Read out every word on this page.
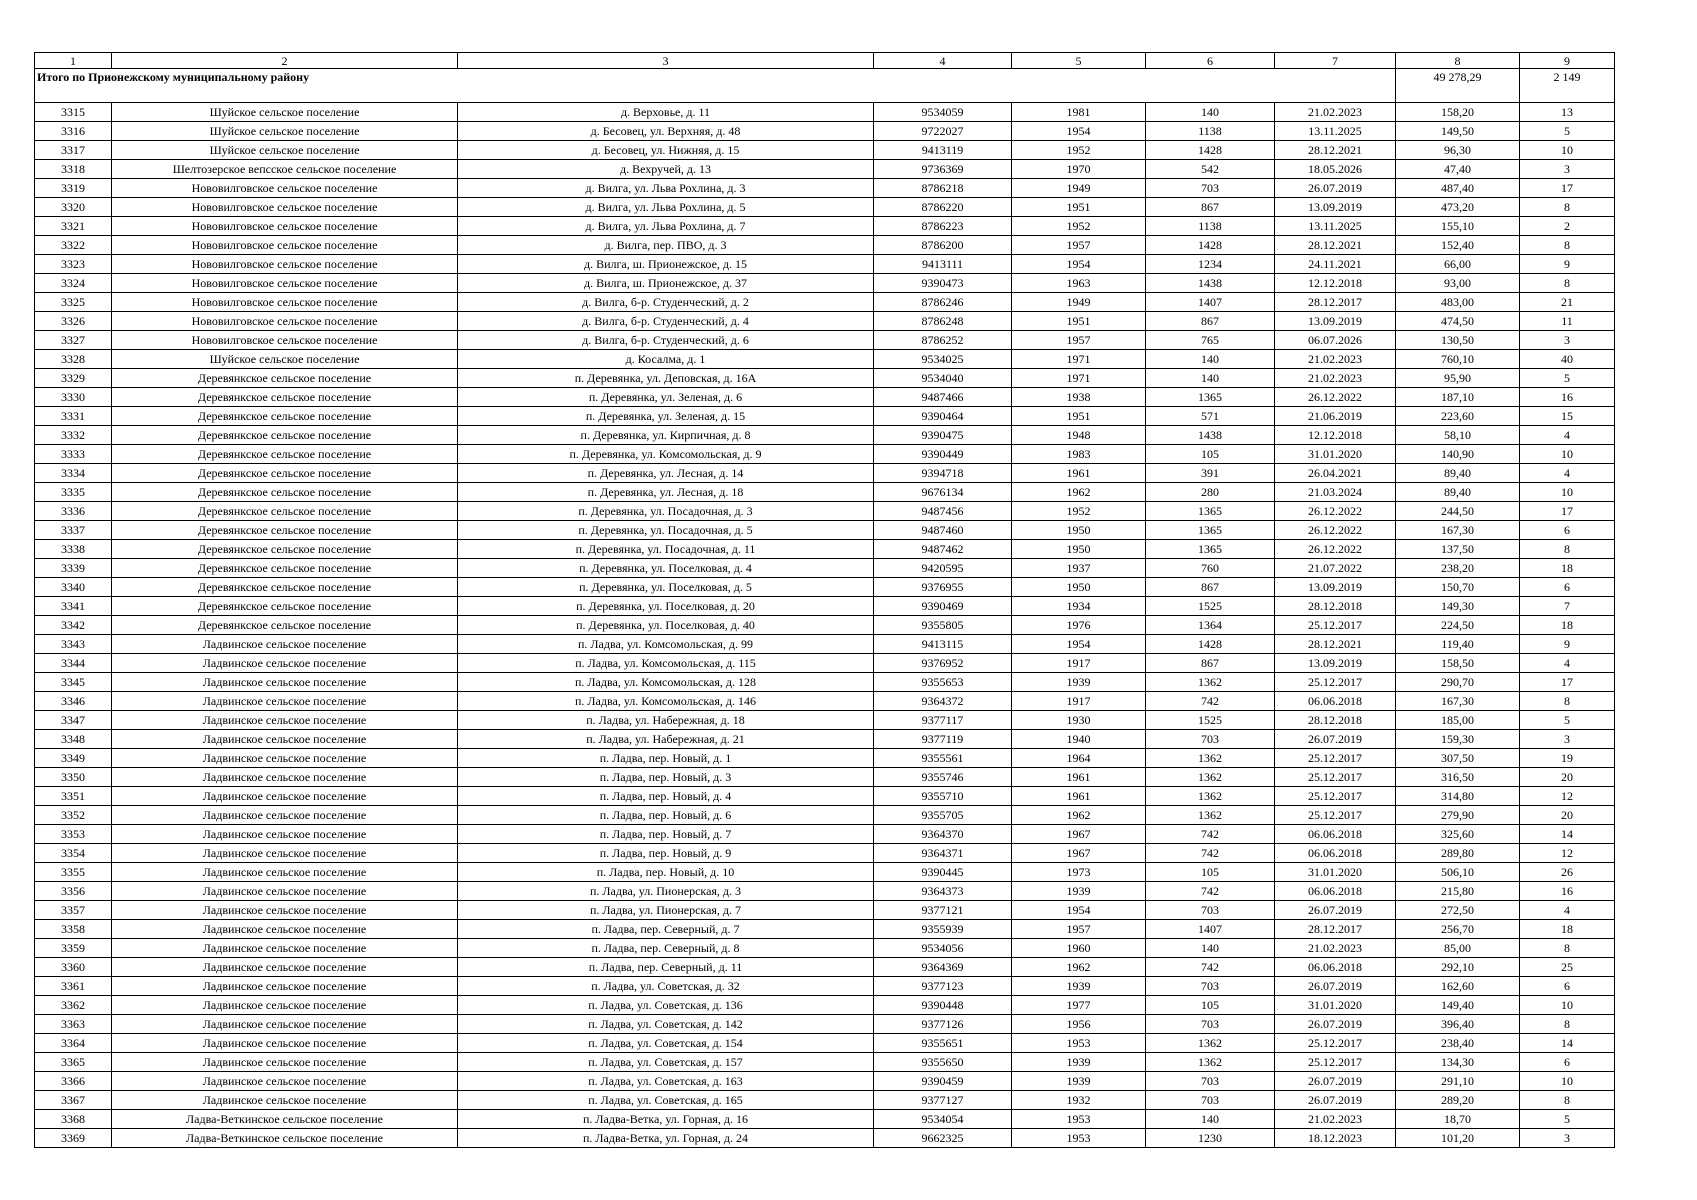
1	2	3	4	5	6	7	8	9
Итого по Прионежскому муниципальному району							49 278,29	2 149
3315	Шуйское сельское поселение	д. Верховье, д. 11	9534059	1981	140	21.02.2023	158,20	13
3316	Шуйское сельское поселение	д. Бесовец, ул. Верхняя, д. 48	9722027	1954	1138	13.11.2025	149,50	5
3317	Шуйское сельское поселение	д. Бесовец, ул. Нижняя, д. 15	9413119	1952	1428	28.12.2021	96,30	10
3318	Шелтозерское вепсское сельское поселение	д. Вехручей, д. 13	9736369	1970	542	18.05.2026	47,40	3
3319	Нововилговское сельское поселение	д. Вилга, ул. Льва Рохлина, д. 3	8786218	1949	703	26.07.2019	487,40	17
3320	Нововилговское сельское поселение	д. Вилга, ул. Льва Рохлина, д. 5	8786220	1951	867	13.09.2019	473,20	8
3321	Нововилговское сельское поселение	д. Вилга, ул. Льва Рохлина, д. 7	8786223	1952	1138	13.11.2025	155,10	2
3322	Нововилговское сельское поселение	д. Вилга, пер. ПВО, д. 3	8786200	1957	1428	28.12.2021	152,40	8
3323	Нововилговское сельское поселение	д. Вилга, ш. Прионежское, д. 15	9413111	1954	1234	24.11.2021	66,00	9
3324	Нововилговское сельское поселение	д. Вилга, ш. Прионежское, д. 37	9390473	1963	1438	12.12.2018	93,00	8
3325	Нововилговское сельское поселение	д. Вилга, б-р. Студенческий, д. 2	8786246	1949	1407	28.12.2017	483,00	21
3326	Нововилговское сельское поселение	д. Вилга, б-р. Студенческий, д. 4	8786248	1951	867	13.09.2019	474,50	11
3327	Нововилговское сельское поселение	д. Вилга, б-р. Студенческий, д. 6	8786252	1957	765	06.07.2026	130,50	3
3328	Шуйское сельское поселение	д. Косалма, д. 1	9534025	1971	140	21.02.2023	760,10	40
3329	Деревянкское сельское поселение	п. Деревянка, ул. Деповская, д. 16А	9534040	1971	140	21.02.2023	95,90	5
3330	Деревянкское сельское поселение	п. Деревянка, ул. Зеленая, д. 6	9487466	1938	1365	26.12.2022	187,10	16
3331	Деревянкское сельское поселение	п. Деревянка, ул. Зеленая, д. 15	9390464	1951	571	21.06.2019	223,60	15
3332	Деревянкское сельское поселение	п. Деревянка, ул. Кирпичная, д. 8	9390475	1948	1438	12.12.2018	58,10	4
3333	Деревянкское сельское поселение	п. Деревянка, ул. Комсомольская, д. 9	9390449	1983	105	31.01.2020	140,90	10
3334	Деревянкское сельское поселение	п. Деревянка, ул. Лесная, д. 14	9394718	1961	391	26.04.2021	89,40	4
3335	Деревянкское сельское поселение	п. Деревянка, ул. Лесная, д. 18	9676134	1962	280	21.03.2024	89,40	10
3336	Деревянкское сельское поселение	п. Деревянка, ул. Посадочная, д. 3	9487456	1952	1365	26.12.2022	244,50	17
3337	Деревянкское сельское поселение	п. Деревянка, ул. Посадочная, д. 5	9487460	1950	1365	26.12.2022	167,30	6
3338	Деревянкское сельское поселение	п. Деревянка, ул. Посадочная, д. 11	9487462	1950	1365	26.12.2022	137,50	8
3339	Деревянкское сельское поселение	п. Деревянка, ул. Поселковая, д. 4	9420595	1937	760	21.07.2022	238,20	18
3340	Деревянкское сельское поселение	п. Деревянка, ул. Поселковая, д. 5	9376955	1950	867	13.09.2019	150,70	6
3341	Деревянкское сельское поселение	п. Деревянка, ул. Поселковая, д. 20	9390469	1934	1525	28.12.2018	149,30	7
3342	Деревянкское сельское поселение	п. Деревянка, ул. Поселковая, д. 40	9355805	1976	1364	25.12.2017	224,50	18
3343	Ладвинское сельское поселение	п. Ладва, ул. Комсомольская, д. 99	9413115	1954	1428	28.12.2021	119,40	9
3344	Ладвинское сельское поселение	п. Ладва, ул. Комсомольская, д. 115	9376952	1917	867	13.09.2019	158,50	4
3345	Ладвинское сельское поселение	п. Ладва, ул. Комсомольская, д. 128	9355653	1939	1362	25.12.2017	290,70	17
3346	Ладвинское сельское поселение	п. Ладва, ул. Комсомольская, д. 146	9364372	1917	742	06.06.2018	167,30	8
3347	Ладвинское сельское поселение	п. Ладва, ул. Набережная, д. 18	9377117	1930	1525	28.12.2018	185,00	5
3348	Ладвинское сельское поселение	п. Ладва, ул. Набережная, д. 21	9377119	1940	703	26.07.2019	159,30	3
3349	Ладвинское сельское поселение	п. Ладва, пер. Новый, д. 1	9355561	1964	1362	25.12.2017	307,50	19
3350	Ладвинское сельское поселение	п. Ладва, пер. Новый, д. 3	9355746	1961	1362	25.12.2017	316,50	20
3351	Ладвинское сельское поселение	п. Ладва, пер. Новый, д. 4	9355710	1961	1362	25.12.2017	314,80	12
3352	Ладвинское сельское поселение	п. Ладва, пер. Новый, д. 6	9355705	1962	1362	25.12.2017	279,90	20
3353	Ладвинское сельское поселение	п. Ладва, пер. Новый, д. 7	9364370	1967	742	06.06.2018	325,60	14
3354	Ладвинское сельское поселение	п. Ладва, пер. Новый, д. 9	9364371	1967	742	06.06.2018	289,80	12
3355	Ладвинское сельское поселение	п. Ладва, пер. Новый, д. 10	9390445	1973	105	31.01.2020	506,10	26
3356	Ладвинское сельское поселение	п. Ладва, ул. Пионерская, д. 3	9364373	1939	742	06.06.2018	215,80	16
3357	Ладвинское сельское поселение	п. Ладва, ул. Пионерская, д. 7	9377121	1954	703	26.07.2019	272,50	4
3358	Ладвинское сельское поселение	п. Ладва, пер. Северный, д. 7	9355939	1957	1407	28.12.2017	256,70	18
3359	Ладвинское сельское поселение	п. Ладва, пер. Северный, д. 8	9534056	1960	140	21.02.2023	85,00	8
3360	Ладвинское сельское поселение	п. Ладва, пер. Северный, д. 11	9364369	1962	742	06.06.2018	292,10	25
3361	Ладвинское сельское поселение	п. Ладва, ул. Советская, д. 32	9377123	1939	703	26.07.2019	162,60	6
3362	Ладвинское сельское поселение	п. Ладва, ул. Советская, д. 136	9390448	1977	105	31.01.2020	149,40	10
3363	Ладвинское сельское поселение	п. Ладва, ул. Советская, д. 142	9377126	1956	703	26.07.2019	396,40	8
3364	Ладвинское сельское поселение	п. Ладва, ул. Советская, д. 154	9355651	1953	1362	25.12.2017	238,40	14
3365	Ладвинское сельское поселение	п. Ладва, ул. Советская, д. 157	9355650	1939	1362	25.12.2017	134,30	6
3366	Ладвинское сельское поселение	п. Ладва, ул. Советская, д. 163	9390459	1939	703	26.07.2019	291,10	10
3367	Ладвинское сельское поселение	п. Ладва, ул. Советская, д. 165	9377127	1932	703	26.07.2019	289,20	8
3368	Ладва-Веткинское сельское поселение	п. Ладва-Ветка, ул. Горная, д. 16	9534054	1953	140	21.02.2023	18,70	5
3369	Ладва-Веткинское сельское поселение	п. Ладва-Ветка, ул. Горная, д. 24	9662325	1953	1230	18.12.2023	101,20	3
